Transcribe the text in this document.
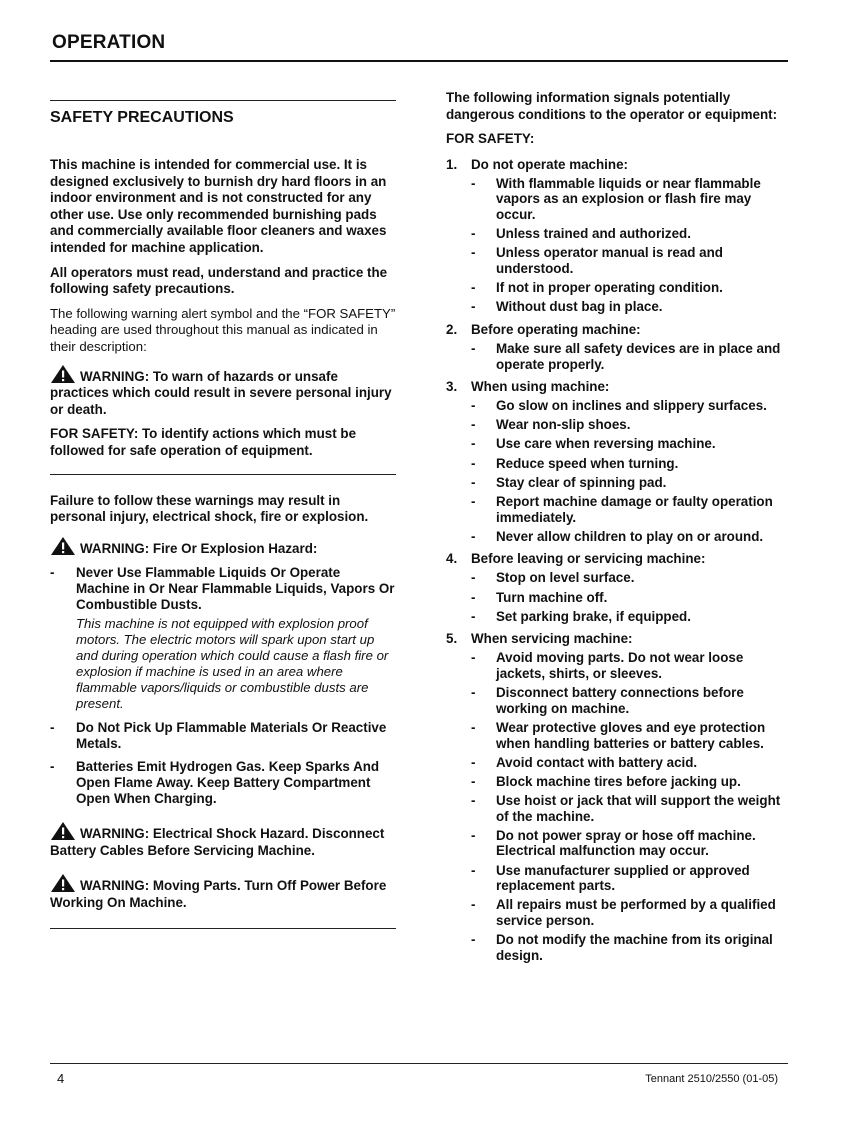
OPERATION
SAFETY PRECAUTIONS

This machine is intended for commercial use. It is designed exclusively to burnish dry hard floors in an indoor environment and is not constructed for any other use. Use only recommended burnishing pads and commercially available floor cleaners and waxes intended for machine application.

All operators must read, understand and practice the following safety precautions.

The following warning alert symbol and the “FOR SAFETY” heading are used throughout this manual as indicated in their description:

WARNING: To warn of hazards or unsafe practices which could result in severe personal injury or death.

FOR SAFETY: To identify actions which must be followed for safe operation of equipment.

Failure to follow these warnings may result in personal injury, electrical shock, fire or explosion.

WARNING: Fire Or Explosion Hazard:

-	Never Use Flammable Liquids Or Operate Machine in Or Near Flammable Liquids, Vapors Or Combustible Dusts.
This machine is not equipped with explosion proof motors. The electric motors will spark upon start up and during operation which could cause a flash fire or explosion if machine is used in an area where flammable vapors/liquids or combustible dusts are present.
-	Do Not Pick Up Flammable Materials Or Reactive Metals.
-	Batteries Emit Hydrogen Gas. Keep Sparks And Open Flame Away. Keep Battery Compartment Open When Charging.

WARNING: Electrical Shock Hazard. Disconnect Battery Cables Before Servicing Machine.

WARNING: Moving Parts. Turn Off Power Before Working On Machine.

The following information signals potentially dangerous conditions to the operator or equipment:

FOR SAFETY:

1.	Do not operate machine:
-	With flammable liquids or near flammable vapors as an explosion or flash fire may occur.
-	Unless trained and authorized.
-	Unless operator manual is read and understood.
-	If not in proper operating condition.
-	Without dust bag in place.
2.	Before operating machine:
-	Make sure all safety devices are in place and operate properly.
3.	When using machine:
-	Go slow on inclines and slippery surfaces.
-	Wear non‑slip shoes.
-	Use care when reversing machine.
-	Reduce speed when turning.
-	Stay clear of spinning pad.
-	Report machine damage or faulty operation immediately.
-	Never allow children to play on or around.
4.	Before leaving or servicing machine:
-	Stop on level surface.
-	Turn machine off.
-	Set parking brake, if equipped.
5.	When servicing machine:
-	Avoid moving parts. Do not wear loose jackets, shirts, or sleeves.
-	Disconnect battery connections before working on machine.
-	Wear protective gloves and eye protection when handling batteries or battery cables.
-	Avoid contact with battery acid.
-	Block machine tires before jacking up.
-	Use hoist or jack that will support the weight of the machine.
-	Do not power spray or hose off machine. Electrical malfunction may occur.
-	Use manufacturer supplied or approved replacement parts.
-	All repairs must be performed by a qualified service person.
-	Do not modify the machine from its original design.
4	Tennant 2510/2550 (01‑05)
